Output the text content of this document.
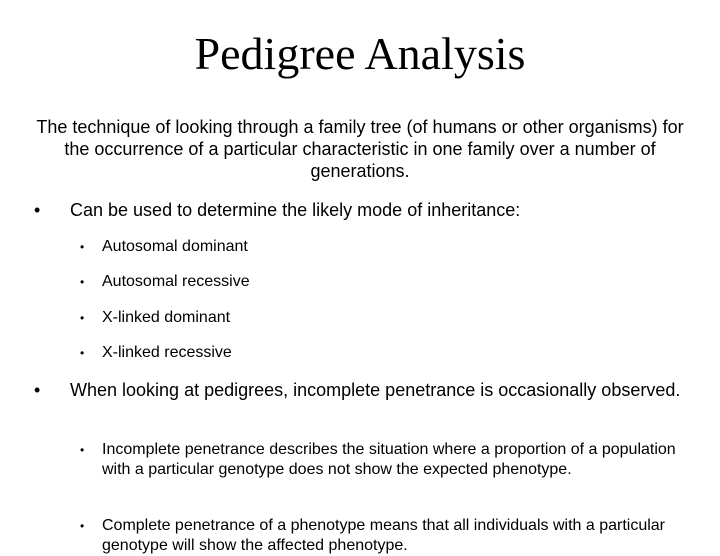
Pedigree Analysis

The technique of looking through a family tree (of humans or other organisms) for the occurrence of a particular characteristic in one family over a number of generations.

•	Can be used to determine the likely mode of inheritance:
•	Autosomal dominant
•	Autosomal recessive
•	X-linked dominant
•	X-linked recessive
•	When looking at pedigrees, incomplete penetrance is occasionally observed.
•	Incomplete penetrance describes the situation where a proportion of a population with a particular genotype does not show the expected phenotype.
•	Complete penetrance of a phenotype means that all individuals with a particular genotype will show the affected phenotype.
